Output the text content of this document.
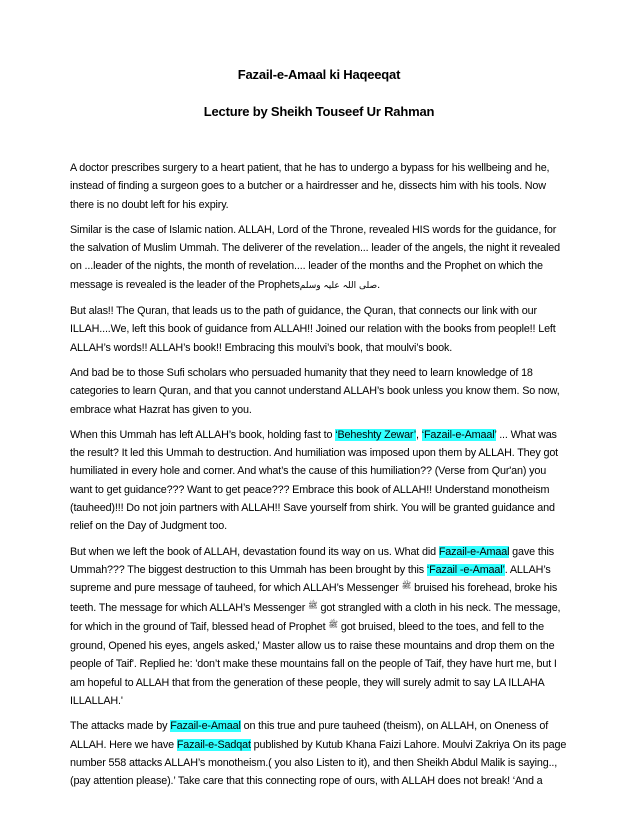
Fazail-e-Amaal ki Haqeeqat
Lecture by Sheikh Touseef Ur Rahman

A doctor prescribes surgery to a heart patient, that he has to undergo a bypass for his wellbeing and he, instead of finding a surgeon goes to a butcher or a hairdresser and he, dissects him with his tools. Now there is no doubt left for his expiry.

Similar is the case of Islamic nation. ALLAH, Lord of the Throne, revealed HIS words for the guidance, for the salvation of Muslim Ummah. The deliverer of the revelation... leader of the angels, the night it revealed on ...leader of the nights, the month of revelation.... leader of the months and the Prophet on which the message is revealed is the leader of the Prophetsصلی اللہ علیہ وسلم.

But alas!! The Quran, that leads us to the path of guidance, the Quran, that connects our link with our ILLAH....We, left this book of guidance from ALLAH!! Joined our relation with the books from people!! Left ALLAH’s words!! ALLAH’s book!! Embracing this moulvi’s book, that moulvi’s book.

And bad be to those Sufi scholars who persuaded humanity that they need to learn knowledge of 18 categories to learn Quran, and that you cannot understand ALLAH’s book unless you know them. So now, embrace what Hazrat has given to you.

When this Ummah has left ALLAH’s book, holding fast to ‘Beheshty Zewar’, ‘Fazail-e-Amaal’ ... What was the result? It led this Ummah to destruction. And humiliation was imposed upon them by ALLAH. They got humiliated in every hole and corner. And what’s the cause of this humiliation?? (Verse from Qur'an) you want to get guidance??? Want to get peace??? Embrace this book of ALLAH!! Understand monotheism (tauheed)!!! Do not join partners with ALLAH!! Save yourself from shirk. You will be granted guidance and relief on the Day of Judgment too.

But when we left the book of ALLAH, devastation found its way on us. What did Fazail-e-Amaal gave this Ummah??? The biggest destruction to this Ummah has been brought by this ‘Fazail -e-Amaal’. ALLAH’s supreme and pure message of tauheed, for which ALLAH’s Messenger ﷺ bruised his forehead, broke his teeth. The message for which ALLAH’s Messenger ﷺ got strangled with a cloth in his neck. The message, for which in the ground of Taif, blessed head of Prophet ﷺ got bruised, bleed to the toes, and fell to the ground, Opened his eyes, angels asked,' Master allow us to raise these mountains and drop them on the people of Taif'. Replied he: 'don’t make these mountains fall on the people of Taif, they have hurt me, but I am hopeful to ALLAH that from the generation of these people, they will surely admit to say LA ILLAHA ILLALLAH.'

The attacks made by Fazail-e-Amaal on this true and pure tauheed (theism), on ALLAH, on Oneness of ALLAH. Here we have Fazail-e-Sadqat published by Kutub Khana Faizi Lahore. Moulvi Zakriya On its page number 558 attacks ALLAH’s monotheism.( you also Listen to it), and then Sheikh Abdul Malik is saying.., (pay attention please).’ Take care that this connecting rope of ours, with ALLAH does not break! ‘And a
